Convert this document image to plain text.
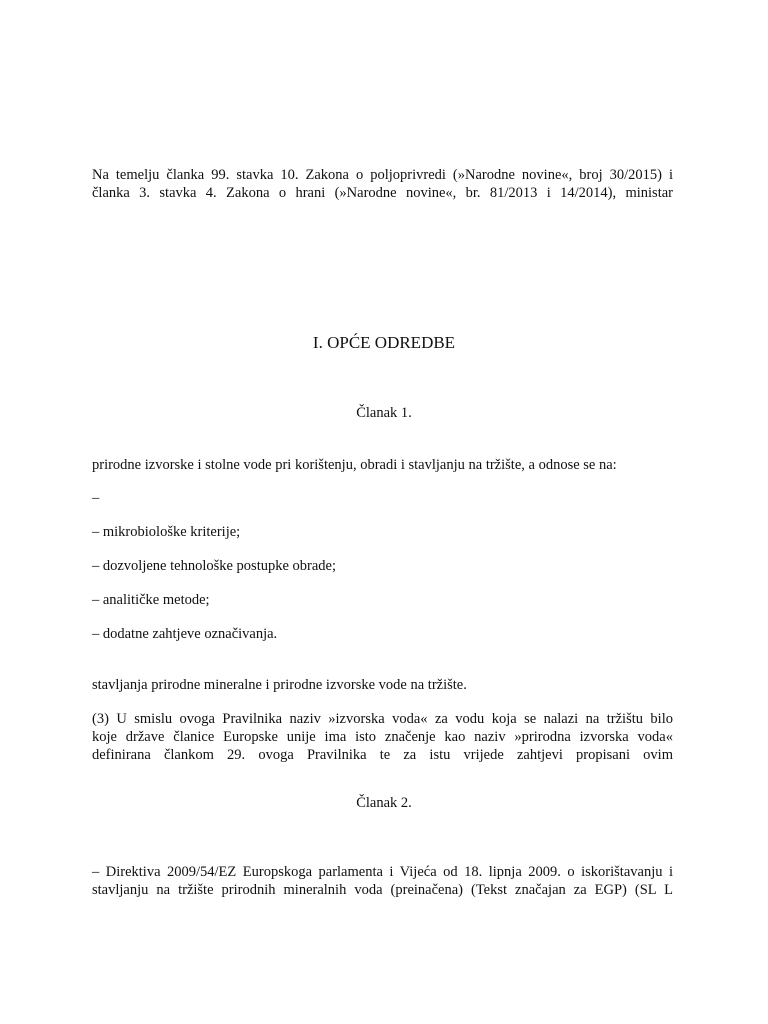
Na temelju članka 99. stavka 10. Zakona o poljoprivredi (»Narodne novine«, broj 30/2015) i

članka 3. stavka 4. Zakona o hrani (»Narodne novine«, br. 81/2013 i 14/2014), ministar

I. OPĆE ODREDBE

Članak 1.

prirodne izvorske i stolne vode pri korištenju, obradi i stavljanju na tržište, a odnose se na:

–

– mikrobiološke kriterije;

– dozvoljene tehnološke postupke obrade;

– analitičke metode;

– dodatne zahtjeve označivanja.

stavljanja prirodne mineralne i prirodne izvorske vode na tržište.

(3) U smislu ovoga Pravilnika naziv »izvorska voda« za vodu koja se nalazi na tržištu bilo

koje države članice Europske unije ima isto značenje kao naziv »prirodna izvorska voda«

definirana člankom 29. ovoga Pravilnika te za istu vrijede zahtjevi propisani ovim

Članak 2.

– Direktiva 2009/54/EZ Europskoga parlamenta i Vijeća od 18. lipnja 2009. o iskorištavanju i

stavljanju na tržište prirodnih mineralnih voda (preinačena) (Tekst značajan za EGP) (SL L
